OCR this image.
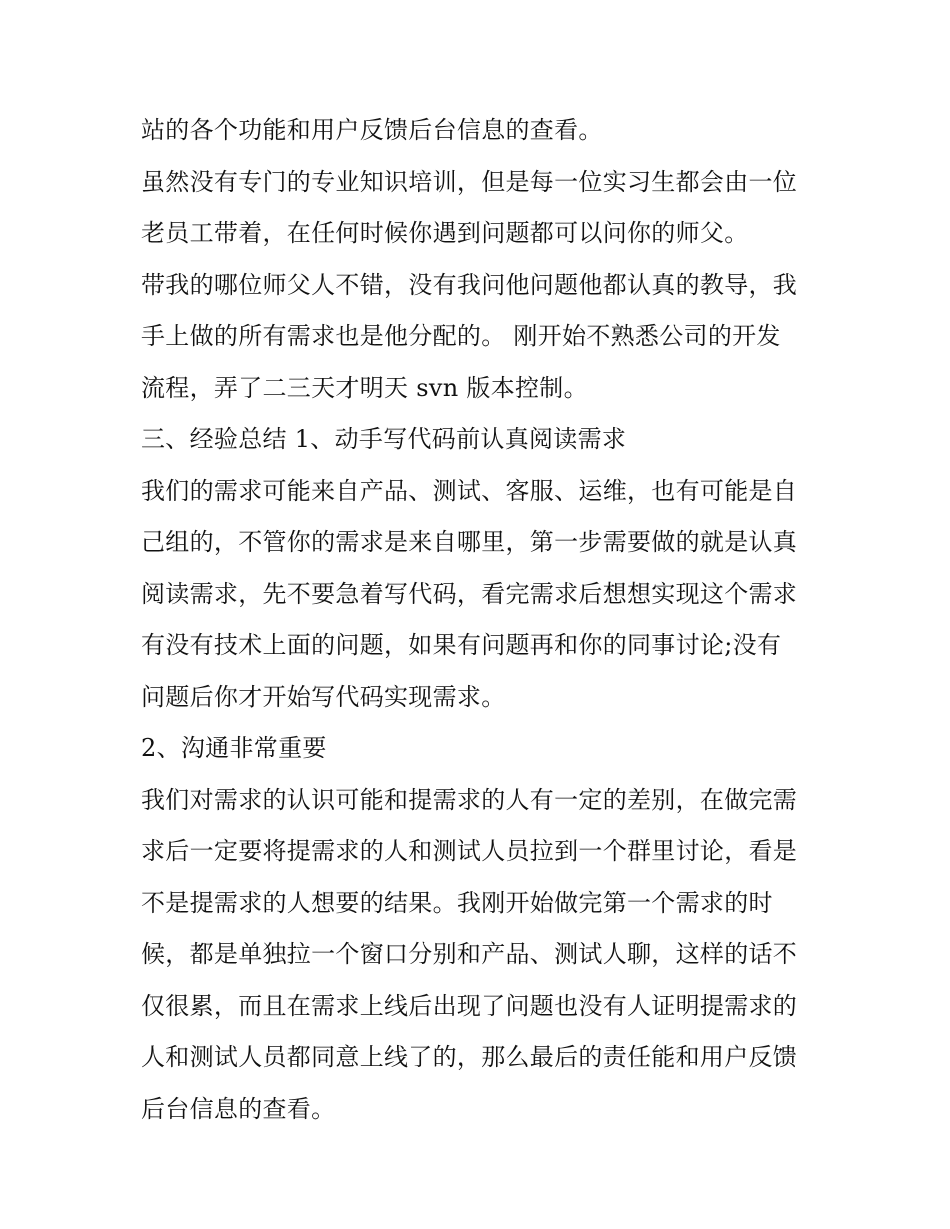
站的各个功能和用户反馈后台信息的查看。
虽然没有专门的专业知识培训，但是每一位实习生都会由一位
老员工带着，在任何时候你遇到问题都可以问你的师父。
带我的哪位师父人不错，没有我问他问题他都认真的教导，我
手上做的所有需求也是他分配的。 刚开始不熟悉公司的开发
流程，弄了二三天才明天 svn 版本控制。
三、经验总结 1、动手写代码前认真阅读需求
我们的需求可能来自产品、测试、客服、运维，也有可能是自
己组的，不管你的需求是来自哪里，第一步需要做的就是认真
阅读需求，先不要急着写代码，看完需求后想想实现这个需求
有没有技术上面的问题，如果有问题再和你的同事讨论;没有
问题后你才开始写代码实现需求。
2、沟通非常重要
我们对需求的认识可能和提需求的人有一定的差别，在做完需
求后一定要将提需求的人和测试人员拉到一个群里讨论，看是
不是提需求的人想要的结果。我刚开始做完第一个需求的时
候，都是单独拉一个窗口分别和产品、测试人聊，这样的话不
仅很累，而且在需求上线后出现了问题也没有人证明提需求的
人和测试人员都同意上线了的，那么最后的责任能和用户反馈
后台信息的查看。
